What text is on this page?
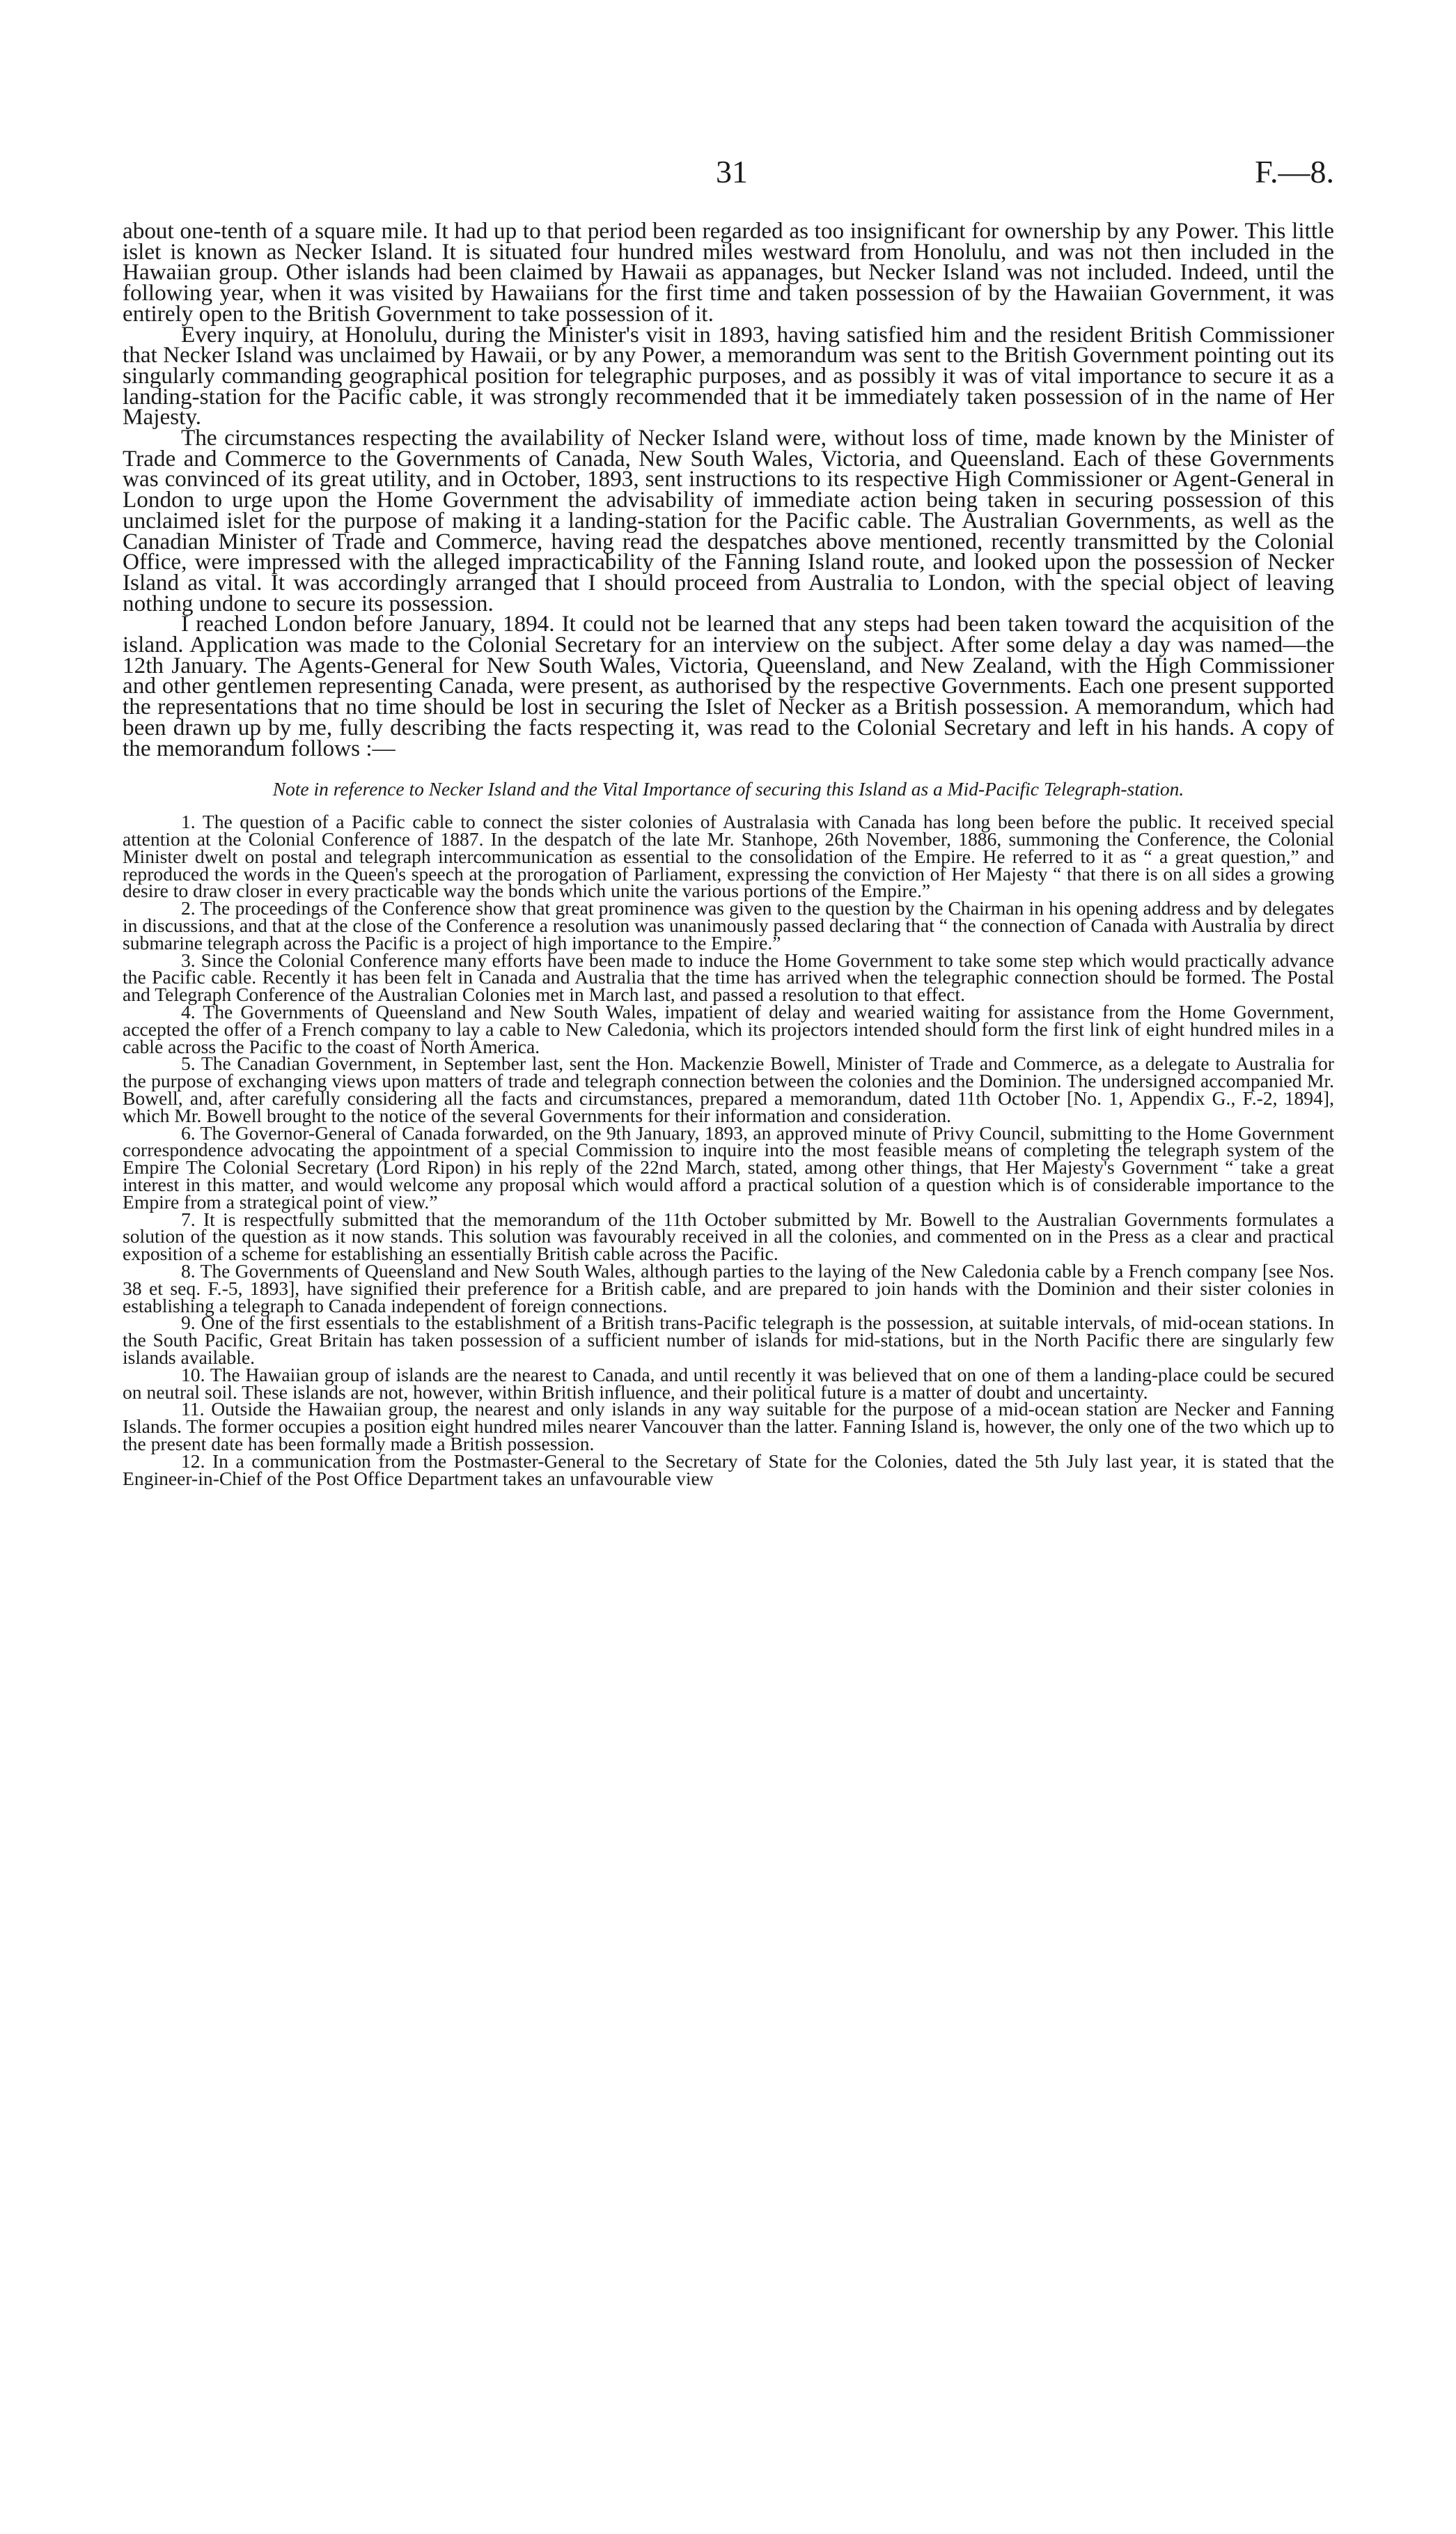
31	F.—8.

about one-tenth of a square mile. It had up to that period been regarded as too insignificant for ownership by any Power. This little islet is known as Necker Island. It is situated four hundred miles westward from Honolulu, and was not then included in the Hawaiian group. Other islands had been claimed by Hawaii as appanages, but Necker Island was not included. Indeed, until the following year, when it was visited by Hawaiians for the first time and taken possession of by the Hawaiian Government, it was entirely open to the British Government to take possession of it.

Every inquiry, at Honolulu, during the Minister's visit in 1893, having satisfied him and the resident British Commissioner that Necker Island was unclaimed by Hawaii, or by any Power, a memorandum was sent to the British Government pointing out its singularly commanding geographical position for telegraphic purposes, and as possibly it was of vital importance to secure it as a landing-station for the Pacific cable, it was strongly recommended that it be immediately taken possession of in the name of Her Majesty.

The circumstances respecting the availability of Necker Island were, without loss of time, made known by the Minister of Trade and Commerce to the Governments of Canada, New South Wales, Victoria, and Queensland. Each of these Governments was convinced of its great utility, and in October, 1893, sent instructions to its respective High Commissioner or Agent-General in London to urge upon the Home Government the advisability of immediate action being taken in securing possession of this unclaimed islet for the purpose of making it a landing-station for the Pacific cable. The Australian Governments, as well as the Canadian Minister of Trade and Commerce, having read the despatches above mentioned, recently transmitted by the Colonial Office, were impressed with the alleged impracticability of the Fanning Island route, and looked upon the possession of Necker Island as vital. It was accordingly arranged that I should proceed from Australia to London, with the special object of leaving nothing undone to secure its possession.

I reached London before January, 1894. It could not be learned that any steps had been taken toward the acquisition of the island. Application was made to the Colonial Secretary for an interview on the subject. After some delay a day was named—the 12th January. The Agents-General for New South Wales, Victoria, Queensland, and New Zealand, with the High Commissioner and other gentlemen representing Canada, were present, as authorised by the respective Governments. Each one present supported the representations that no time should be lost in securing the Islet of Necker as a British possession. A memorandum, which had been drawn up by me, fully describing the facts respecting it, was read to the Colonial Secretary and left in his hands. A copy of the memorandum follows :—

Note in reference to Necker Island and the Vital Importance of securing this Island as a Mid-Pacific Telegraph-station.

1. The question of a Pacific cable to connect the sister colonies of Australasia with Canada has long been before the public. It received special attention at the Colonial Conference of 1887. In the despatch of the late Mr. Stanhope, 26th November, 1886, summoning the Conference, the Colonial Minister dwelt on postal and telegraph intercommunication as essential to the consolidation of the Empire. He referred to it as “ a great question,” and reproduced the words in the Queen's speech at the prorogation of Parliament, expressing the conviction of Her Majesty “ that there is on all sides a growing desire to draw closer in every practicable way the bonds which unite the various portions of the Empire.”

2. The proceedings of the Conference show that great prominence was given to the question by the Chairman in his opening address and by delegates in discussions, and that at the close of the Conference a resolution was unanimously passed declaring that “ the connection of Canada with Australia by direct submarine telegraph across the Pacific is a project of high importance to the Empire.”

3. Since the Colonial Conference many efforts have been made to induce the Home Government to take some step which would practically advance the Pacific cable. Recently it has been felt in Canada and Australia that the time has arrived when the telegraphic connection should be formed. The Postal and Telegraph Conference of the Australian Colonies met in March last, and passed a resolution to that effect.

4. The Governments of Queensland and New South Wales, impatient of delay and wearied waiting for assistance from the Home Government, accepted the offer of a French company to lay a cable to New Caledonia, which its projectors intended should form the first link of eight hundred miles in a cable across the Pacific to the coast of North America.

5. The Canadian Government, in September last, sent the Hon. Mackenzie Bowell, Minister of Trade and Commerce, as a delegate to Australia for the purpose of exchanging views upon matters of trade and telegraph connection between the colonies and the Dominion. The undersigned accompanied Mr. Bowell, and, after carefully considering all the facts and circumstances, prepared a memorandum, dated 11th October [No. 1, Appendix G., F.-2, 1894], which Mr. Bowell brought to the notice of the several Governments for their information and consideration.

6. The Governor-General of Canada forwarded, on the 9th January, 1893, an approved minute of Privy Council, submitting to the Home Government correspondence advocating the appointment of a special Commission to inquire into the most feasible means of completing the telegraph system of the Empire The Colonial Secretary (Lord Ripon) in his reply of the 22nd March, stated, among other things, that Her Majesty's Government “ take a great interest in this matter, and would welcome any proposal which would afford a practical solution of a question which is of considerable importance to the Empire from a strategical point of view.”

7. It is respectfully submitted that the memorandum of the 11th October submitted by Mr. Bowell to the Australian Governments formulates a solution of the question as it now stands. This solution was favourably received in all the colonies, and commented on in the Press as a clear and practical exposition of a scheme for establishing an essentially British cable across the Pacific.

8. The Governments of Queensland and New South Wales, although parties to the laying of the New Caledonia cable by a French company [see Nos. 38 et seq. F.-5, 1893], have signified their preference for a British cable, and are prepared to join hands with the Dominion and their sister colonies in establishing a telegraph to Canada independent of foreign connections.

9. One of the first essentials to the establishment of a British trans-Pacific telegraph is the possession, at suitable intervals, of mid-ocean stations. In the South Pacific, Great Britain has taken possession of a sufficient number of islands for mid-stations, but in the North Pacific there are singularly few islands available.

10. The Hawaiian group of islands are the nearest to Canada, and until recently it was believed that on one of them a landing-place could be secured on neutral soil. These islands are not, however, within British influence, and their political future is a matter of doubt and uncertainty.

11. Outside the Hawaiian group, the nearest and only islands in any way suitable for the purpose of a mid-ocean station are Necker and Fanning Islands. The former occupies a position eight hundred miles nearer Vancouver than the latter. Fanning Island is, however, the only one of the two which up to the present date has been formally made a British possession.

12. In a communication from the Postmaster-General to the Secretary of State for the Colonies, dated the 5th July last year, it is stated that the Engineer-in-Chief of the Post Office Department takes an unfavourable view
